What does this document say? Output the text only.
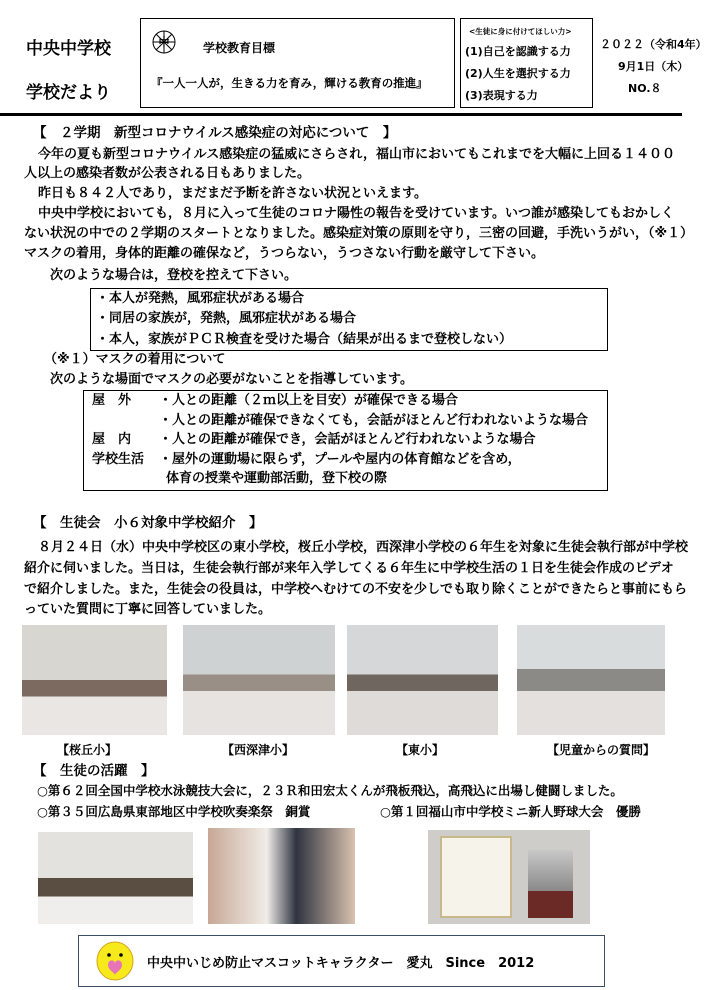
中央中学校
学校だより
中	学校教育目標
『一人一人が，生きる力を育み，輝ける教育の推進』
<生徒に身に付けてほしい力>
(1)自己を認識する力
(2)人生を選択する力
(3)表現する力
２０２２（令和4年）
9月1日（木）
NO.８
【　２学期　新型コロナウイルス感染症の対応について　】
今年の夏も新型コロナウイルス感染症の猛威にさらされ，福山市においてもこれまでを大幅に上回る１４００
人以上の感染者数が公表される日もありました。
昨日も８４２人であり，まだまだ予断を許さない状況といえます。
中央中学校においても，８月に入って生徒のコロナ陽性の報告を受けています。いつ誰が感染してもおかしく
ない状況の中での２学期のスタートとなりました。感染症対策の原則を守り，三密の回避，手洗いうがい，（※１）
マスクの着用，身体的距離の確保など，うつらない，うつさない行動を厳守して下さい。
次のような場合は，登校を控えて下さい。
・本人が発熱，風邪症状がある場合
・同居の家族が，発熱，風邪症状がある場合
・本人，家族がＰＣＲ検査を受けた場合（結果が出るまで登校しない）
（※１）マスクの着用について
次のような場面でマスクの必要がないことを指導しています。
屋　外 ・人との距離（２ｍ以上を目安）が確保できる場合
・人との距離が確保できなくても，会話がほとんど行われないような場合
屋　内 ・人との距離が確保でき，会話がほとんど行われないような場合
学校生活 ・屋外の運動場に限らず，プールや屋内の体育館などを含め，
体育の授業や運動部活動，登下校の際
【　生徒会　小６対象中学校紹介　】
８月２４日（水）中央中学校区の東小学校，桜丘小学校，西深津小学校の６年生を対象に生徒会執行部が中学校
紹介に伺いました。当日は，生徒会執行部が来年入学してくる６年生に中学校生活の１日を生徒会作成のビデオ
で紹介しました。また，生徒会の役員は，中学校へむけての不安を少しでも取り除くことができたらと事前にもら
っていた質問に丁寧に回答していました。
【桜丘小】	【西深津小】	【東小】	【児童からの質問】
【　生徒の活躍　】
○第６２回全国中学校水泳競技大会に，２３Ｒ和田宏太くんが飛板飛込，高飛込に出場し健闘しました。
○第３５回広島県東部地区中学校吹奏楽祭　銅賞	○第１回福山市中学校ミニ新人野球大会　優勝
中央中いじめ防止マスコットキャラクター　愛丸　Since　2012
